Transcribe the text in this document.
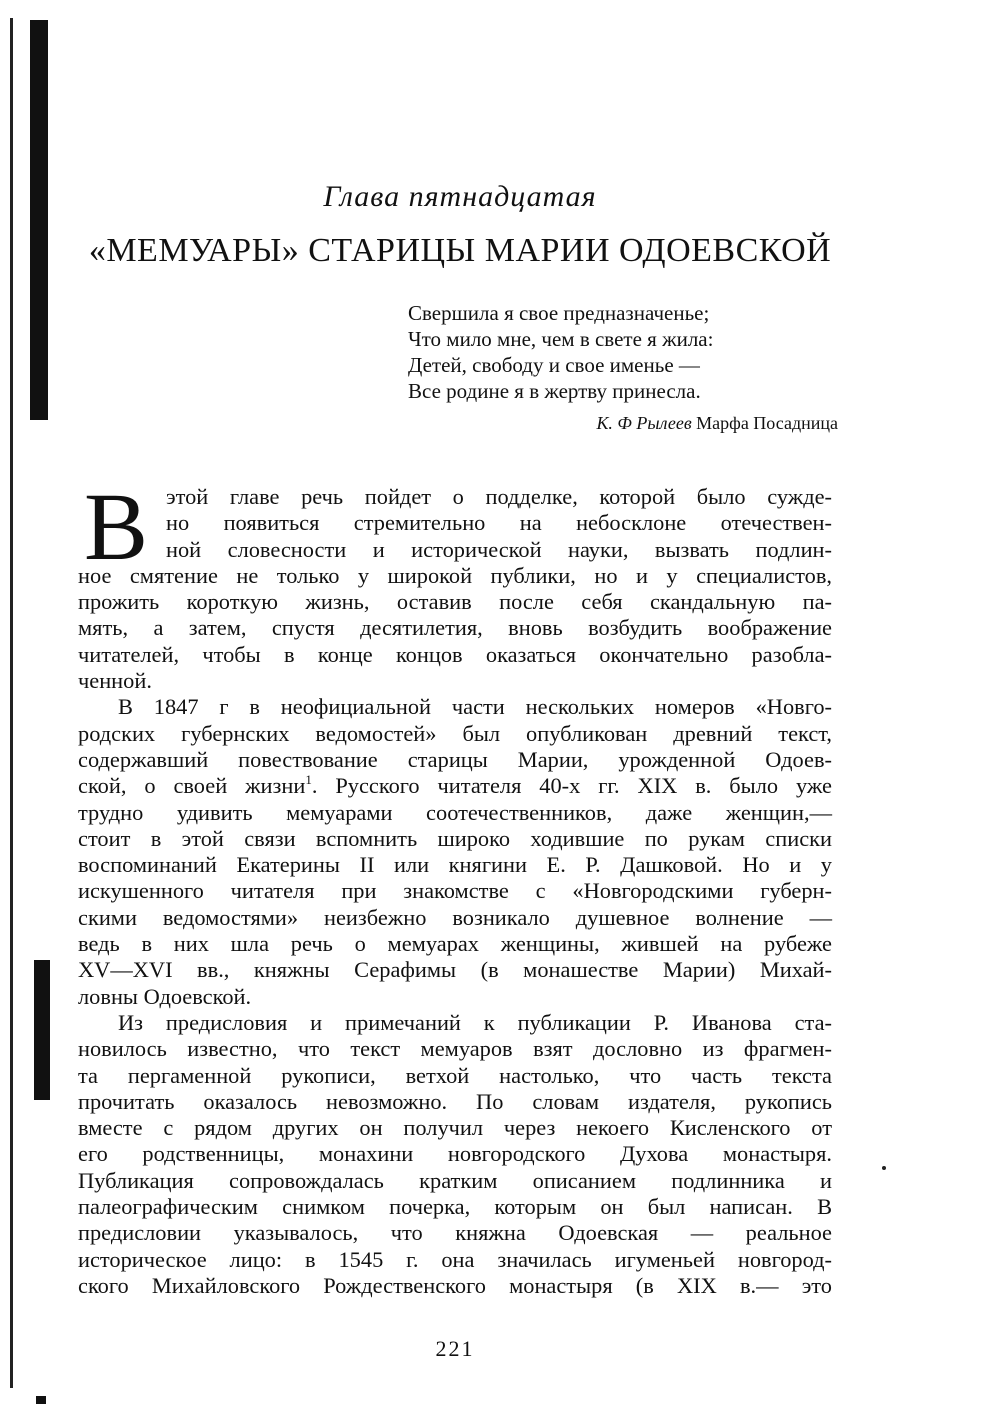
Глава пятнадцатая
«МЕМУАРЫ» СТАРИЦЫ МАРИИ ОДОЕВСКОЙ
Свершила я свое предназначенье;
Что мило мне, чем в свете я жила:
Детей, свободу и свое именье —
Все родине я в жертву принесла.
К. Ф Рылеев Марфа Посадница
В этой главе речь пойдет о подделке, которой было сужде-
но появиться стремительно на небосклоне отечествен-
ной словесности и исторической науки, вызвать подлин-
ное смятение не только у широкой публики, но и у специалистов,
прожить короткую жизнь, оставив после себя скандальную па-
мять, а затем, спустя десятилетия, вновь возбудить воображение
читателей, чтобы в конце концов оказаться окончательно разобла-
ченной.
В 1847 г в неофициальной части нескольких номеров «Новго-
родских губернских ведомостей» был опубликован древний текст,
содержавший повествование старицы Марии, урожденной Одоев-
ской, о своей жизни$^1$. Русского читателя 40-х гг. XIX в. было уже
трудно удивить мемуарами соотечественников, даже женщин,—
стоит в этой связи вспомнить широко ходившие по рукам списки
воспоминаний Екатерины II или княгини Е. Р. Дашковой. Но и у
искушенного читателя при знакомстве с «Новгородскими губерн-
скими ведомостями» неизбежно возникало душевное волнение —
ведь в них шла речь о мемуарах женщины, жившей на рубеже
XV—XVI вв., княжны Серафимы (в монашестве Марии) Михай-
ловны Одоевской.
Из предисловия и примечаний к публикации Р. Иванова ста-
новилось известно, что текст мемуаров взят дословно из фрагмен-
та пергаменной рукописи, ветхой настолько, что часть текста
прочитать оказалось невозможно. По словам издателя, рукопись
вместе с рядом других он получил через некоего Кисленского от
его родственницы, монахини новгородского Духова монастыря.
Публикация сопровождалась кратким описанием подлинника и
палеографическим снимком почерка, которым он был написан. В
предисловии указывалось, что княжна Одоевская — реальное
историческое лицо: в 1545 г. она значилась игуменьей новгород-
ского Михайловского Рождественского монастыря (в XIX в.— это
221
